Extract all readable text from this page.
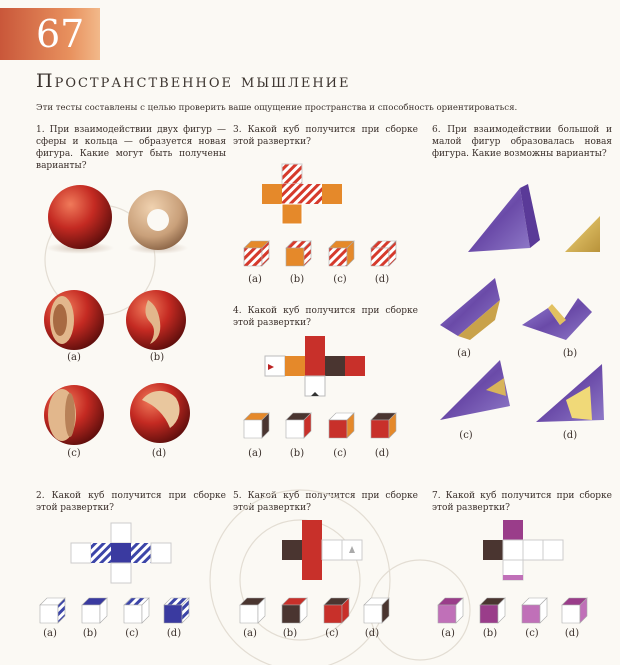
67
Пространственное мышление
Эти тесты составлены с целью проверить ваше ощущение пространства и способность ориентироваться.
1. При взаимодействии двух фигур — сферы и кольца — образуется новая фигура. Какие могут быть получены варианты?
3. Какой куб получится при сборке этой развертки?
6. При взаимодействии большой и малой фигур образовалась новая фигура. Какие возможны варианты?
4. Какой куб получится при сборке этой развертки?
2. Какой куб получится при сборке этой развертки?
5. Какой куб получится при сборке этой развертки?
7. Какой куб получится при сборке этой развертки?
(a)	(b)
(c)	(d)
(a)	(b)	(c)	(d)
(a)	(b)	(c)	(d)
(a)	(b)
(c)	(d)
(a)	(b)	(c)	(d)	(a)	(b)	(c)	(d)	(a)	(b)	(c)	(d)
